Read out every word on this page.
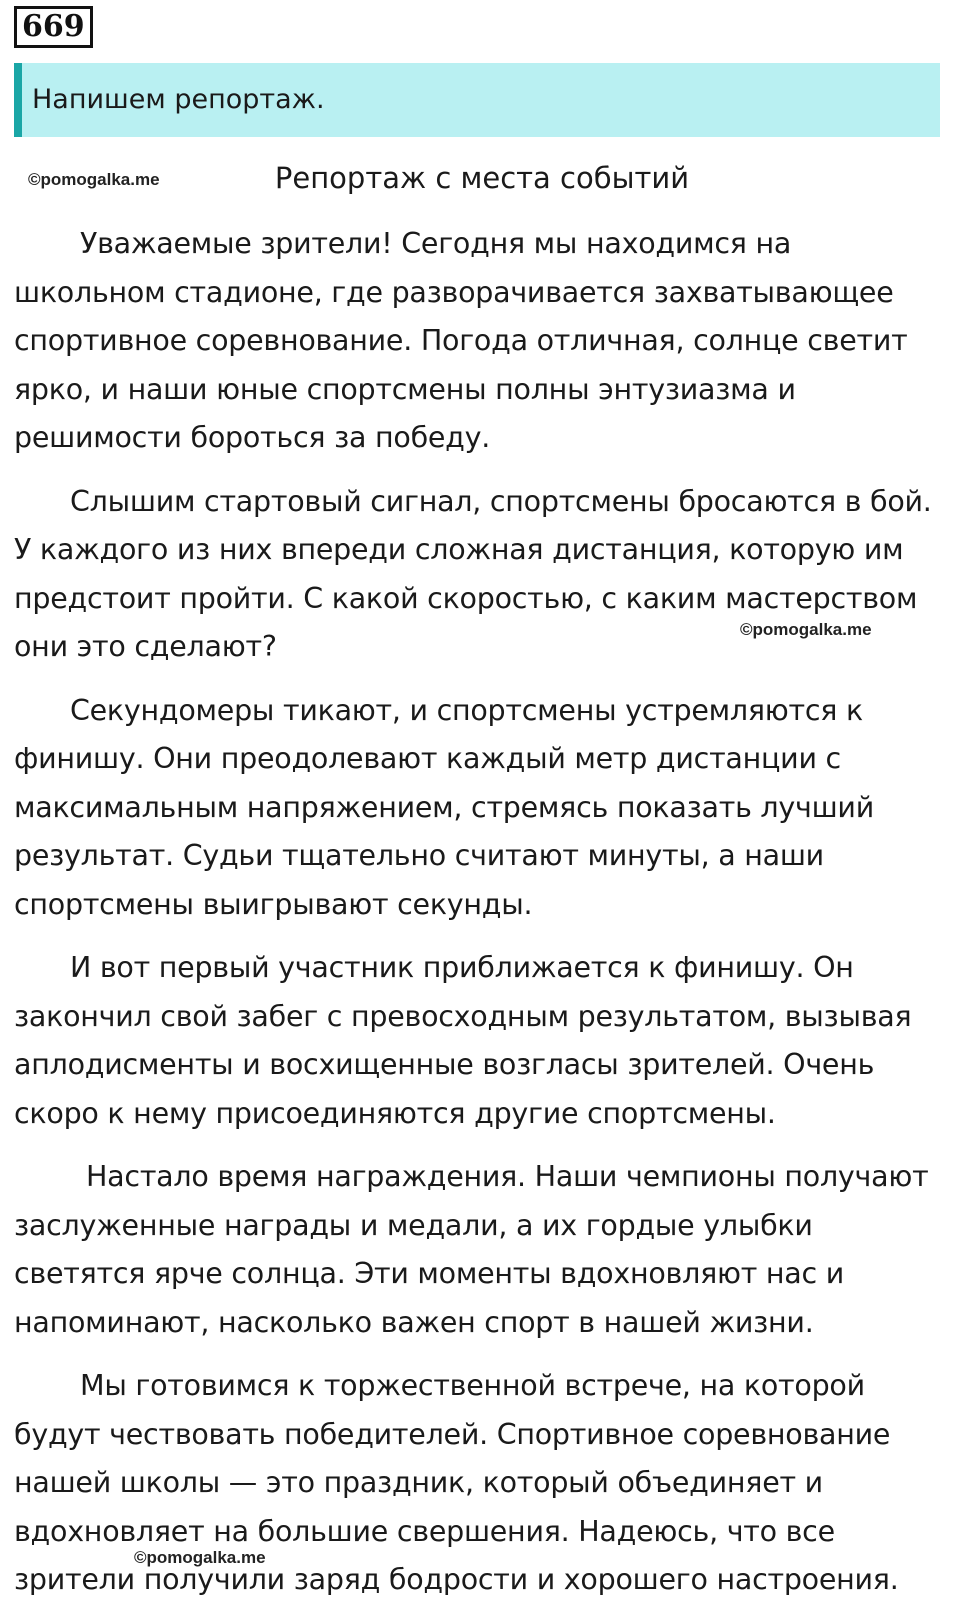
669
Напишем репортаж.
©pomogalka.me	Репортаж с места событий

Уважаемые зрители! Сегодня мы находимся на школьном стадионе, где разворачивается захватывающее спортивное соревнование. Погода отличная, солнце светит ярко, и наши юные спортсмены полны энтузиазма и решимости бороться за победу.

Слышим стартовый сигнал, спортсмены бросаются в бой. У каждого из них впереди сложная дистанция, которую им предстоит пройти. С какой скоростью, с каким мастерством они это сделают?

Секундомеры тикают, и спортсмены устремляются к финишу. Они преодолевают каждый метр дистанции с максимальным напряжением, стремясь показать лучший результат. Судьи тщательно считают минуты, а наши спортсмены выигрывают секунды.

И вот первый участник приближается к финишу. Он закончил свой забег с превосходным результатом, вызывая аплодисменты и восхищенные возгласы зрителей. Очень скоро к нему присоединяются другие спортсмены.

Настало время награждения. Наши чемпионы получают заслуженные награды и медали, а их гордые улыбки светятся ярче солнца. Эти моменты вдохновляют нас и напоминают, насколько важен спорт в нашей жизни.

Мы готовимся к торжественной встрече, на которой будут чествовать победителей. Спортивное соревнование нашей школы — это праздник, который объединяет и вдохновляет на большие свершения. Надеюсь, что все зрители получили заряд бодрости и хорошего настроения.

©pomogalka.me
©pomogalka.me
